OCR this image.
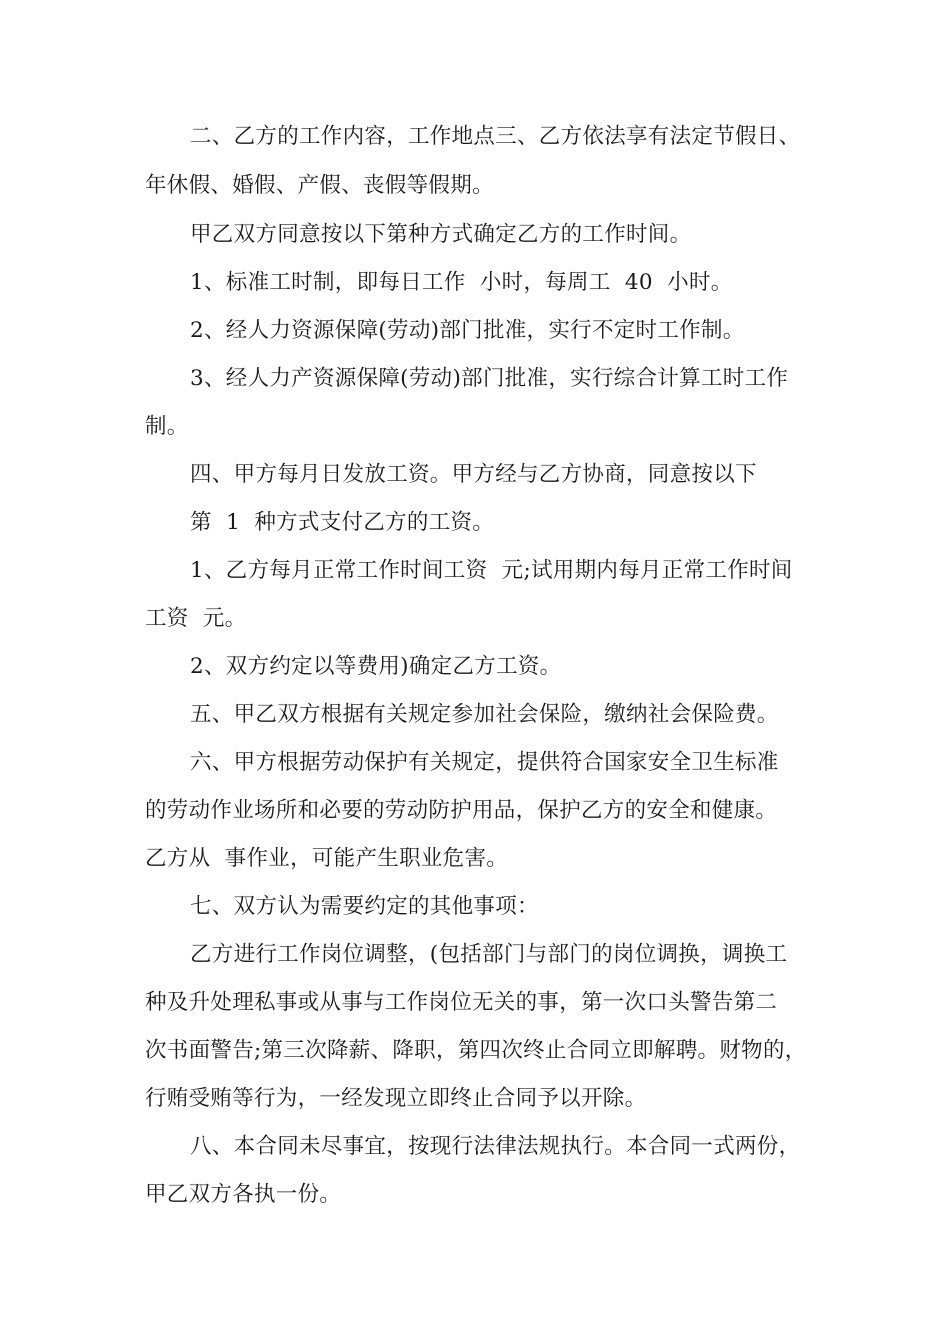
二、乙方的工作内容，工作地点三、乙方依法享有法定节假日、
年休假、婚假、产假、丧假等假期。
甲乙双方同意按以下第种方式确定乙方的工作时间。
1、标准工时制，即每日工作  小时，每周工  40  小时。
2、经人力资源保障(劳动)部门批准，实行不定时工作制。
3、经人力产资源保障(劳动)部门批准，实行综合计算工时工作
制。
四、甲方每月日发放工资。甲方经与乙方协商，同意按以下
第  1  种方式支付乙方的工资。
1、乙方每月正常工作时间工资  元;试用期内每月正常工作时间
工资  元。
2、双方约定以等费用)确定乙方工资。
五、甲乙双方根据有关规定参加社会保险，缴纳社会保险费。
六、甲方根据劳动保护有关规定，提供符合国家安全卫生标准
的劳动作业场所和必要的劳动防护用品，保护乙方的安全和健康。
乙方从  事作业，可能产生职业危害。
七、双方认为需要约定的其他事项：
乙方进行工作岗位调整，(包括部门与部门的岗位调换，调换工
种及升处理私事或从事与工作岗位无关的事，第一次口头警告第二
次书面警告;第三次降薪、降职，第四次终止合同立即解聘。财物的，
行贿受贿等行为，一经发现立即终止合同予以开除。
八、本合同未尽事宜，按现行法律法规执行。本合同一式两份，
甲乙双方各执一份。
